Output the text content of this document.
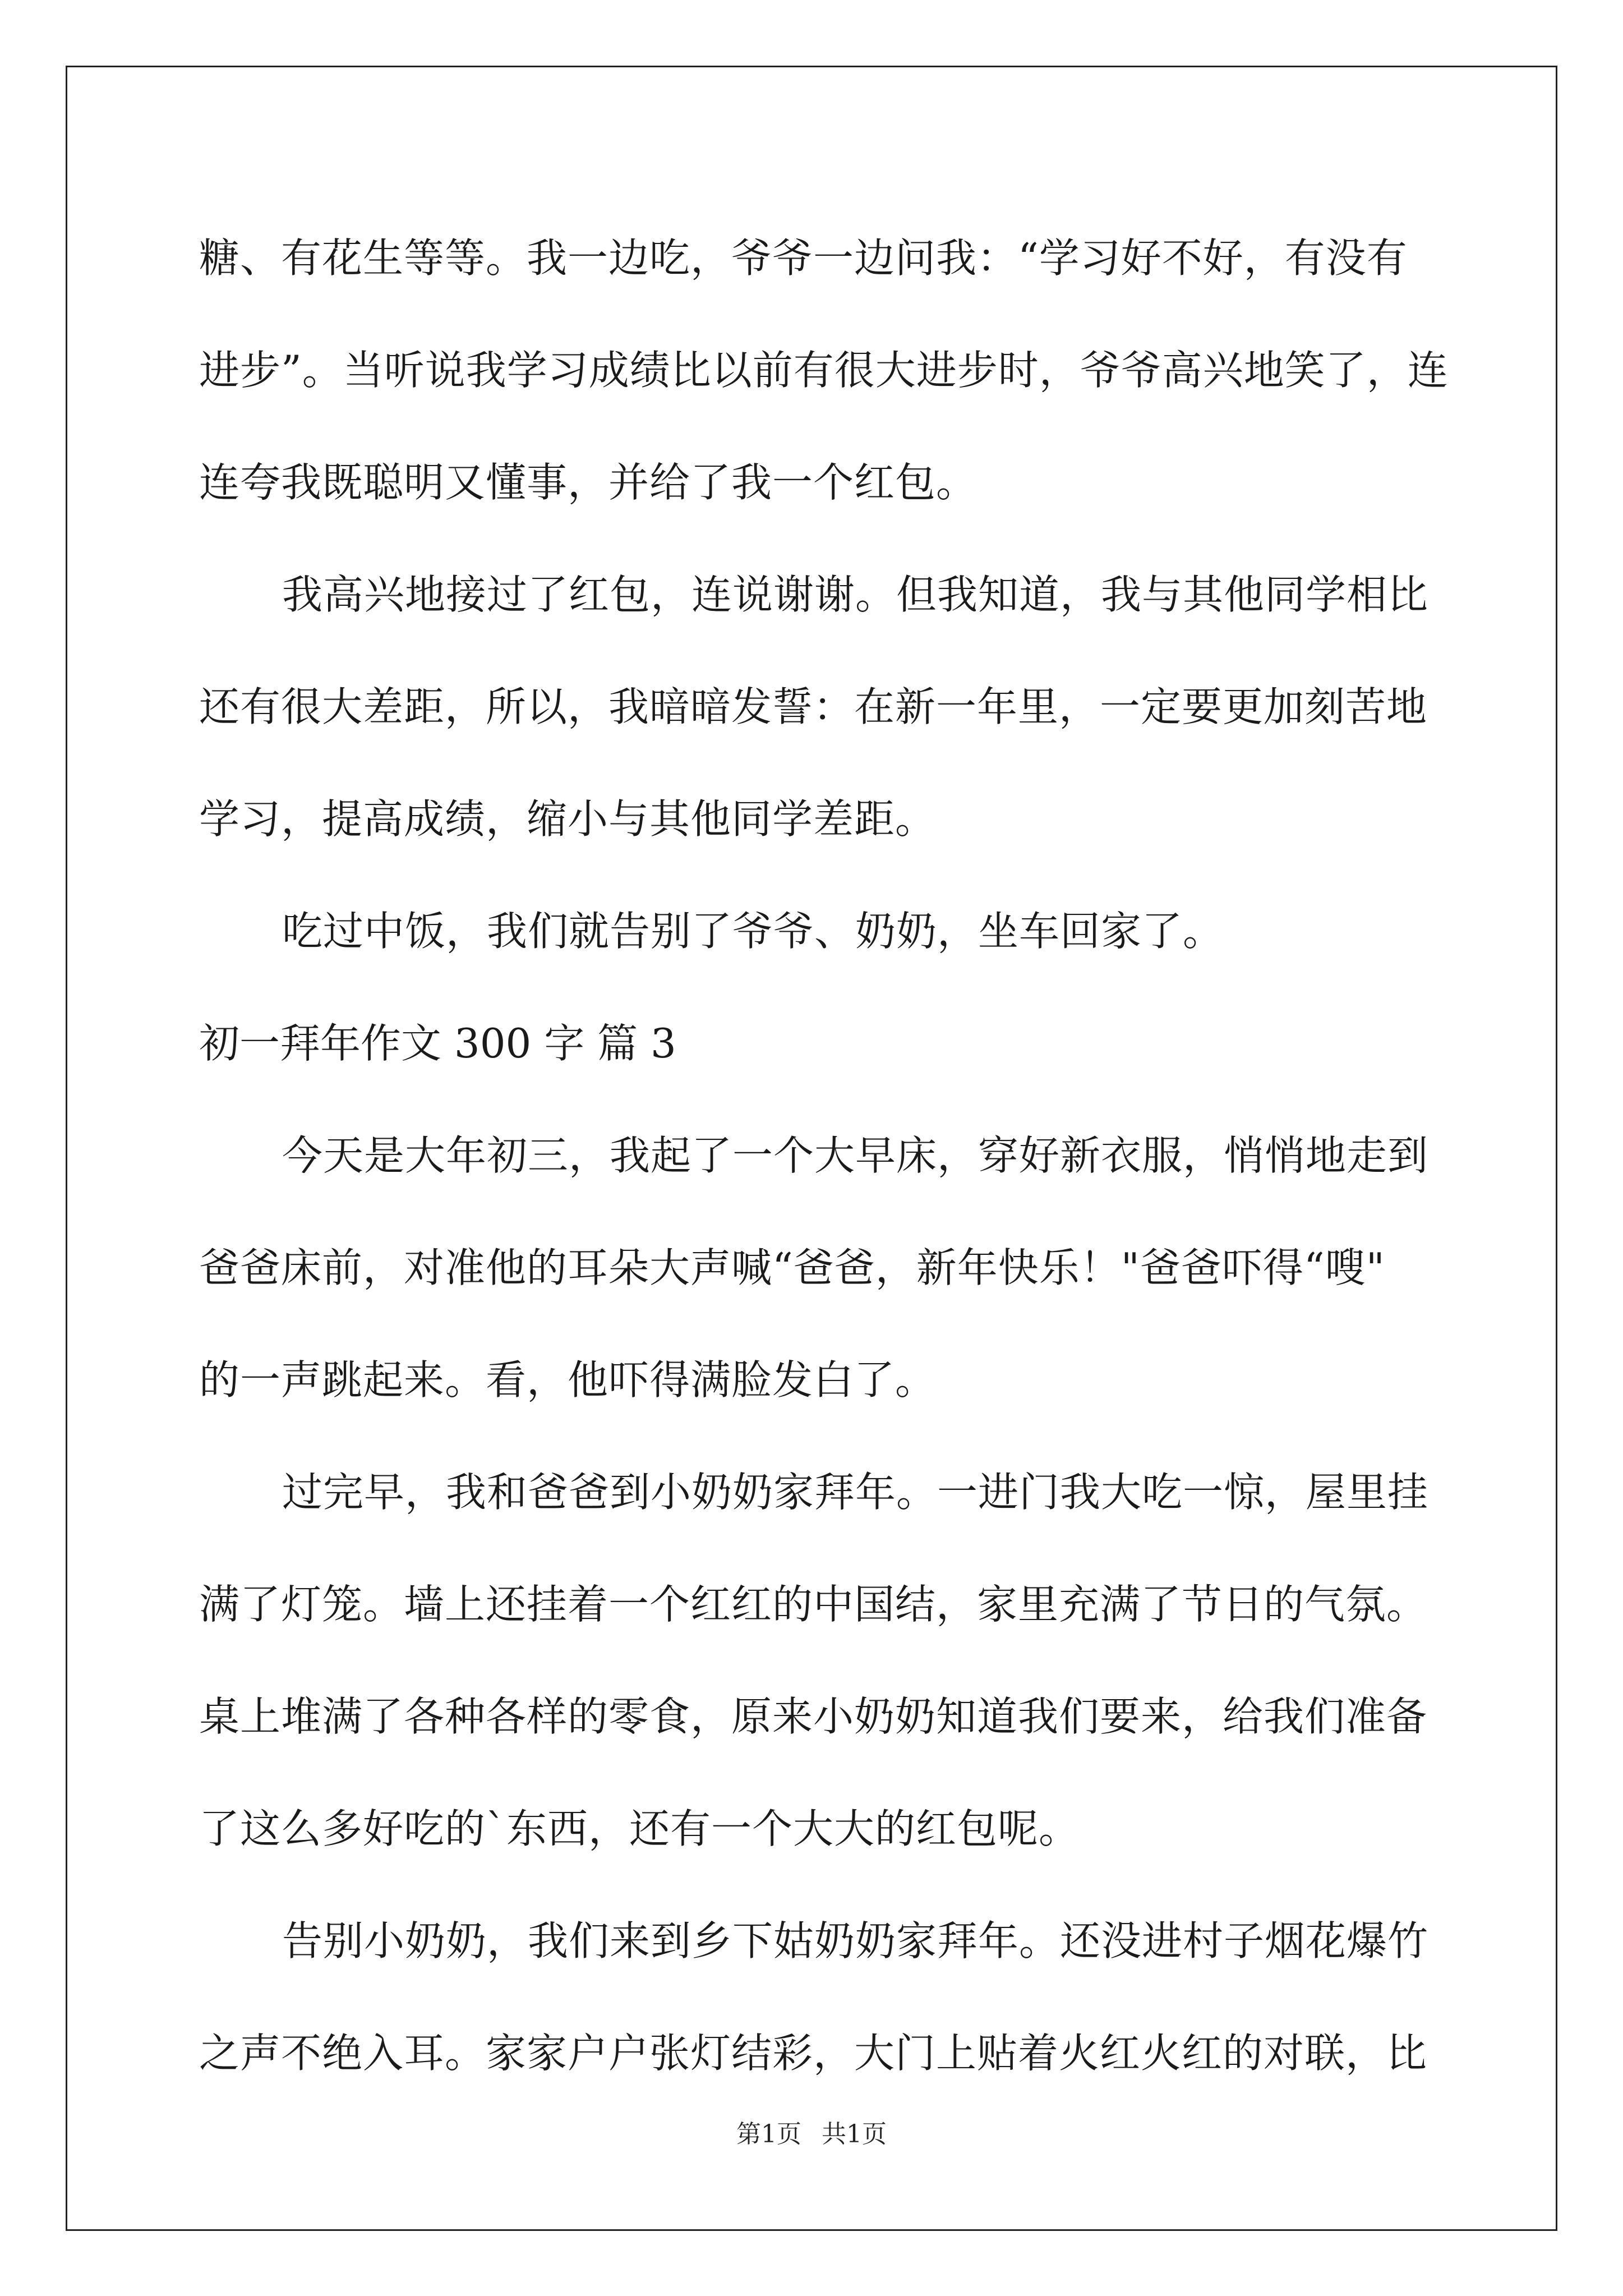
糖、有花生等等。我一边吃，爷爷一边问我：“学习好不好，有没有
进步”。当听说我学习成绩比以前有很大进步时，爷爷高兴地笑了，连
连夸我既聪明又懂事，并给了我一个红包。
我高兴地接过了红包，连说谢谢。但我知道，我与其他同学相比
还有很大差距，所以，我暗暗发誓：在新一年里，一定要更加刻苦地
学习，提高成绩，缩小与其他同学差距。
吃过中饭，我们就告别了爷爷、奶奶，坐车回家了。
初一拜年作文 300 字 篇 3
今天是大年初三，我起了一个大早床，穿好新衣服，悄悄地走到
爸爸床前，对准他的耳朵大声喊“爸爸，新年快乐！"爸爸吓得“嗖"
的一声跳起来。看，他吓得满脸发白了。
过完早，我和爸爸到小奶奶家拜年。一进门我大吃一惊，屋里挂
满了灯笼。墙上还挂着一个红红的中国结，家里充满了节日的气氛。
桌上堆满了各种各样的零食，原来小奶奶知道我们要来，给我们准备
了这么多好吃的`东西，还有一个大大的红包呢。
告别小奶奶，我们来到乡下姑奶奶家拜年。还没进村子烟花爆竹
之声不绝入耳。家家户户张灯结彩，大门上贴着火红火红的对联，比
第1页 共1页
